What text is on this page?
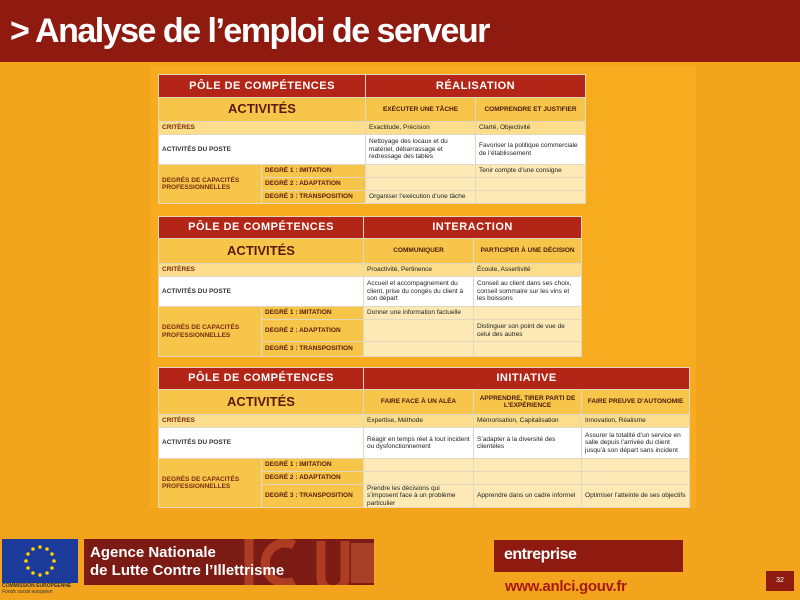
> Analyse de l’emploi de serveur
PÔLE DE COMPÉTENCES		RÉALISATION	
ACTIVITÉS		EXÉCUTER UNE TÂCHE	COMPRENDRE ET JUSTIFIER
CRITÈRES		Exactitude, Précision	Clarté, Objectivité
ACTIVITÉS DU POSTE		Nettoyage des locaux et du matériel, débarrassage et redressage des tables	Favoriser la politique commerciale de l’établissement
DEGRÉS DE CAPACITÉS PROFESSIONNELLES	DEGRÉ 1 : IMITATION		Tenir compte d’une consigne
	DEGRÉ 2 : ADAPTATION		
	DEGRÉ 3 : TRANSPOSITION	Organiser l’exécution d’une tâche	
PÔLE DE COMPÉTENCES		INTERACTION	
ACTIVITÉS		COMMUNIQUER	PARTICIPER À UNE DÉCISION
CRITÈRES		Proactivité, Pertinence	Écoute, Assertivité
ACTIVITÉS DU POSTE		Accueil et accompagnement du client, prise du congés du client à son départ	Conseil au client dans ses choix, conseil sommaire sur les vins et les boissons
DEGRÉS DE CAPACITÉS PROFESSIONNELLES	DEGRÉ 1 : IMITATION	Donner une information factuelle	
	DEGRÉ 2 : ADAPTATION		Distinguer son point de vue de celui des autres
	DEGRÉ 3 : TRANSPOSITION		
PÔLE DE COMPÉTENCES		INITIATIVE		
ACTIVITÉS		FAIRE FACE À UN ALÉA	APPRENDRE, TIRER PARTI DE L’EXPÉRIENCE	FAIRE PREUVE D’AUTONOMIE
CRITÈRES		Expertise, Méthode	Mémorisation, Capitalisation	Innovation, Réalisme
ACTIVITÉS DU POSTE		Réagir en temps réel à tout incident ou dysfonctionnement	S’adapter à la diversité des clientèles	Assurer la totalité d’un service en salle depuis l’arrivée du client jusqu’à son départ sans incident
DEGRÉS DE CAPACITÉS PROFESSIONNELLES	DEGRÉ 1 : IMITATION			
	DEGRÉ 2 : ADAPTATION			
	DEGRÉ 3 : TRANSPOSITION	Prendre les décisions qui s’imposent face à un problème particulier	Apprendre dans un cadre informel	Optimiser l’atteinte de ses objectifs
COMMISSION EUROPÉENNE
Fonds social européen
Agence Nationale
de Lutte Contre l’Illettrisme
entreprise
www.anlci.gouv.fr	32
